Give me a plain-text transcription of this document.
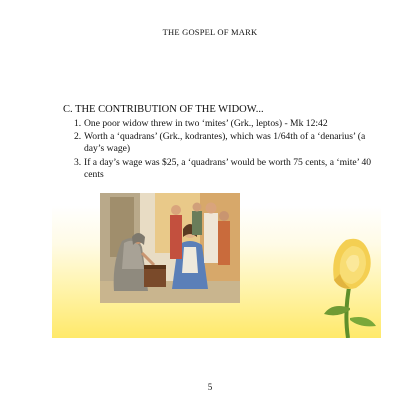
THE GOSPEL OF MARK
C. THE CONTRIBUTION OF THE WIDOW...
1. One poor widow threw in two ‘mites’ (Grk., leptos) - Mk 12:42
2. Worth a ‘quadrans’ (Grk., kodrantes), which was 1/64th of a ‘denarius’ (a day’s wage)
3. If a day’s wage was $25, a ‘quadrans’ would be worth 75 cents, a ‘mite’ 40 cents
5
